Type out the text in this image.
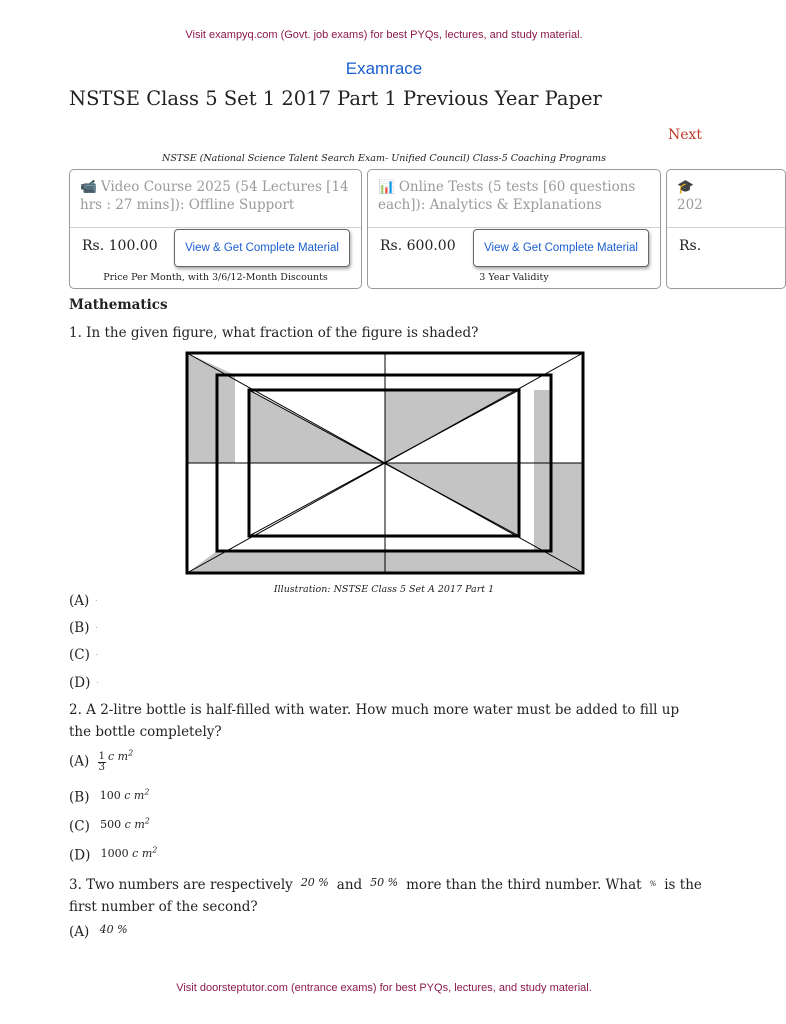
Visit exampyq.com (Govt. job exams) for best PYQs, lectures, and study material.
Examrace
NSTSE Class 5 Set 1 2017 Part 1 Previous Year Paper
Next
NSTSE (National Science Talent Search Exam- Unified Council) Class-5 Coaching Programs
📹 Video Course 2025 (54 Lectures [14 hrs : 27 mins]): Offline Support
Rs. 100.00	View & Get Complete Material
Price Per Month, with 3/6/12-Month Discounts
📊 Online Tests (5 tests [60 questions each]): Analytics & Explanations
Rs. 600.00	View & Get Complete Material
3 Year Validity
🎓
202
Rs.
Mathematics
1. In the given figure, what fraction of the figure is shaded?
Illustration: NSTSE Class 5 Set A 2017 Part 1
(A) ·
(B) ·
(C) ·
(D) ·
2. A 2-litre bottle is half-filled with water. How much more water must be added to fill up the bottle completely?
$(A) \frac{1}{3} ^{c m^2}$
(B) $^{100 c m^2}$
(C) $^{500 c m^2}$
(D) $^{1000 c m^2}$
3. Two numbers are respectively $^{20 \%}$ and $^{50 \%}$ more than the third number. What % is the
first number of the second?
(A) $^{40 \%}$
Visit doorsteptutor.com (entrance exams) for best PYQs, lectures, and study material.
